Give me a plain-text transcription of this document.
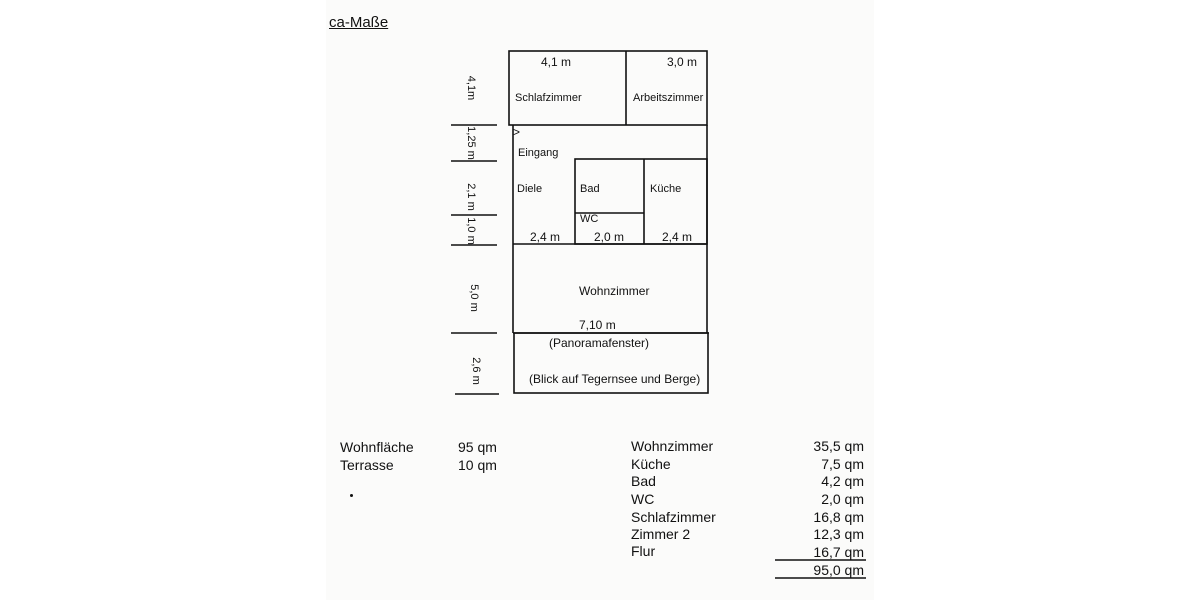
ca-Maße
Schlafzimmer	Arbeitszimmer
>
Eingang
Diele	Bad	Küche
WC
Wohnzimmer
(Panoramafenster)
(Blick auf Tegernsee und Berge)
4,1 m	3,0 m
2,4 m	2,0 m	2,4 m
7,10 m
4,1m
1,25 m
2,1 m
1,0 m
5,0 m
2,6 m
Wohnfläche	95 qm
Terrasse	10 qm
Wohnzimmer	35,5 qm
Küche	7,5 qm
Bad	4,2 qm
WC	2,0 qm
Schlafzimmer	16,8 qm
Zimmer 2	12,3 qm
Flur	16,7 qm
95,0 qm
